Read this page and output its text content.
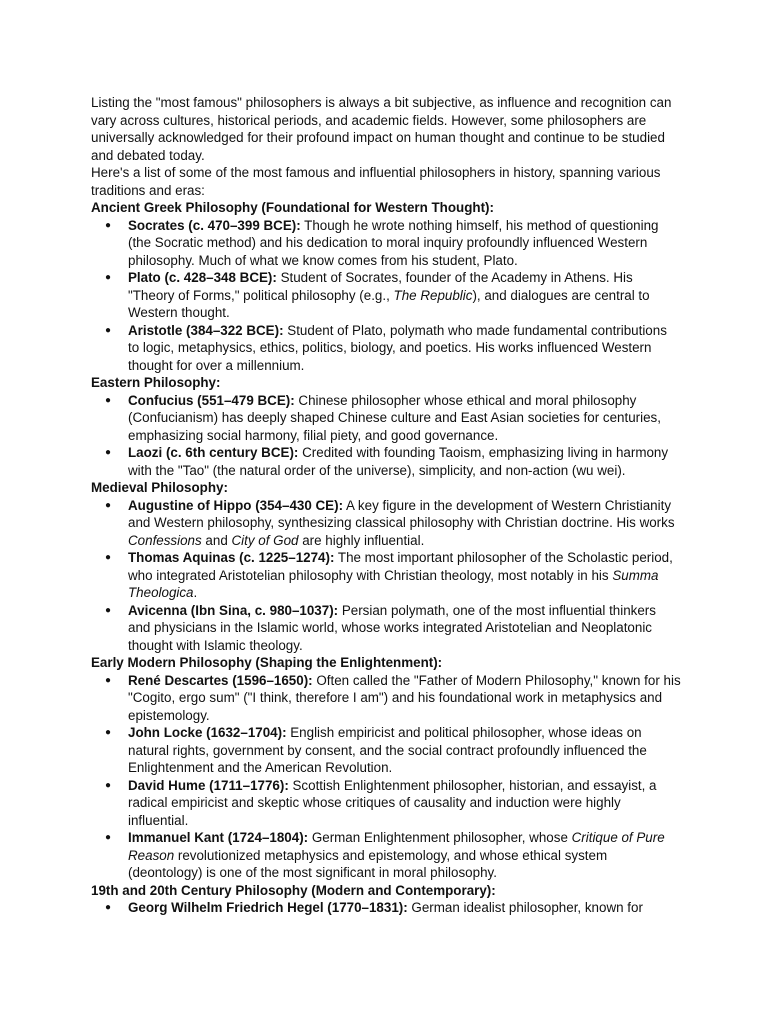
Listing the "most famous" philosophers is always a bit subjective, as influence and recognition can vary across cultures, historical periods, and academic fields. However, some philosophers are universally acknowledged for their profound impact on human thought and continue to be studied and debated today.

Here's a list of some of the most famous and influential philosophers in history, spanning various traditions and eras:

Ancient Greek Philosophy (Foundational for Western Thought):

● Socrates (c. 470–399 BCE): Though he wrote nothing himself, his method of questioning (the Socratic method) and his dedication to moral inquiry profoundly influenced Western philosophy. Much of what we know comes from his student, Plato.
● Plato (c. 428–348 BCE): Student of Socrates, founder of the Academy in Athens. His "Theory of Forms," political philosophy (e.g., The Republic), and dialogues are central to Western thought.
● Aristotle (384–322 BCE): Student of Plato, polymath who made fundamental contributions to logic, metaphysics, ethics, politics, biology, and poetics. His works influenced Western thought for over a millennium.

Eastern Philosophy:

● Confucius (551–479 BCE): Chinese philosopher whose ethical and moral philosophy (Confucianism) has deeply shaped Chinese culture and East Asian societies for centuries, emphasizing social harmony, filial piety, and good governance.
● Laozi (c. 6th century BCE): Credited with founding Taoism, emphasizing living in harmony with the "Tao" (the natural order of the universe), simplicity, and non-action (wu wei).

Medieval Philosophy:

● Augustine of Hippo (354–430 CE): A key figure in the development of Western Christianity and Western philosophy, synthesizing classical philosophy with Christian doctrine. His works Confessions and City of God are highly influential.
● Thomas Aquinas (c. 1225–1274): The most important philosopher of the Scholastic period, who integrated Aristotelian philosophy with Christian theology, most notably in his Summa Theologica.
● Avicenna (Ibn Sina, c. 980–1037): Persian polymath, one of the most influential thinkers and physicians in the Islamic world, whose works integrated Aristotelian and Neoplatonic thought with Islamic theology.

Early Modern Philosophy (Shaping the Enlightenment):

● René Descartes (1596–1650): Often called the "Father of Modern Philosophy," known for his "Cogito, ergo sum" ("I think, therefore I am") and his foundational work in metaphysics and epistemology.
● John Locke (1632–1704): English empiricist and political philosopher, whose ideas on natural rights, government by consent, and the social contract profoundly influenced the Enlightenment and the American Revolution.
● David Hume (1711–1776): Scottish Enlightenment philosopher, historian, and essayist, a radical empiricist and skeptic whose critiques of causality and induction were highly influential.
● Immanuel Kant (1724–1804): German Enlightenment philosopher, whose Critique of Pure Reason revolutionized metaphysics and epistemology, and whose ethical system (deontology) is one of the most significant in moral philosophy.

19th and 20th Century Philosophy (Modern and Contemporary):

● Georg Wilhelm Friedrich Hegel (1770–1831): German idealist philosopher, known for
